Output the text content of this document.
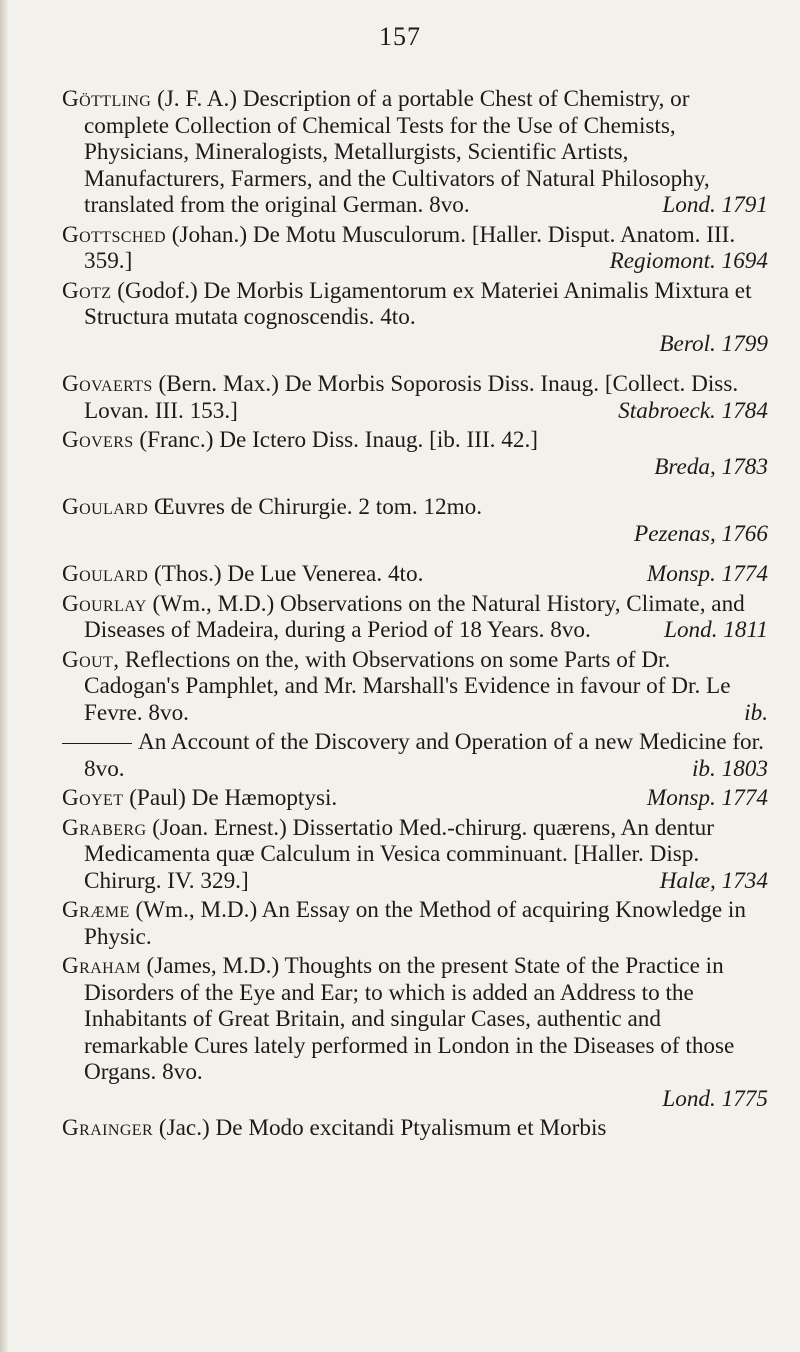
157

Göttling (J. F. A.) Description of a portable Chest of Chemistry, or complete Collection of Chemical Tests for the Use of Chemists, Physicians, Mineralogists, Metallurgists, Scientific Artists, Manufacturers, Farmers, and the Cultivators of Natural Philosophy, translated from the original German. 8vo.	Lond. 1791

Gottsched (Johan.) De Motu Musculorum. [Haller. Disput. Anatom. III. 359.]	Regiomont. 1694

Gotz (Godof.) De Morbis Ligamentorum ex Materiei Animalis Mixtura et Structura mutata cognoscendis. 4to.
Berol. 1799

Govaerts (Bern. Max.) De Morbis Soporosis Diss. Inaug. [Collect. Diss. Lovan. III. 153.]	Stabroeck. 1784

Govers (Franc.) De Ictero Diss. Inaug. [ib. III. 42.]
Breda, 1783

Goulard Œuvres de Chirurgie. 2 tom. 12mo.
Pezenas, 1766

Goulard (Thos.) De Lue Venerea. 4to.	Monsp. 1774

Gourlay (Wm., M.D.) Observations on the Natural History, Climate, and Diseases of Madeira, during a Period of 18 Years. 8vo.	Lond. 1811

Gout, Reflections on the, with Observations on some Parts of Dr. Cadogan's Pamphlet, and Mr. Marshall's Evidence in favour of Dr. Le Fevre. 8vo.	ib.

An Account of the Discovery and Operation of a new Medicine for. 8vo.	ib. 1803

Goyet (Paul) De Hæmoptysi.	Monsp. 1774

Graberg (Joan. Ernest.) Dissertatio Med.-chirurg. quærens, An dentur Medicamenta quæ Calculum in Vesica comminuant. [Haller. Disp. Chirurg. IV. 329.]	Halæ, 1734

Græme (Wm., M.D.) An Essay on the Method of acquiring Knowledge in Physic.

Graham (James, M.D.) Thoughts on the present State of the Practice in Disorders of the Eye and Ear; to which is added an Address to the Inhabitants of Great Britain, and singular Cases, authentic and remarkable Cures lately performed in London in the Diseases of those Organs. 8vo.
Lond. 1775

Grainger (Jac.) De Modo excitandi Ptyalismum et Morbis
